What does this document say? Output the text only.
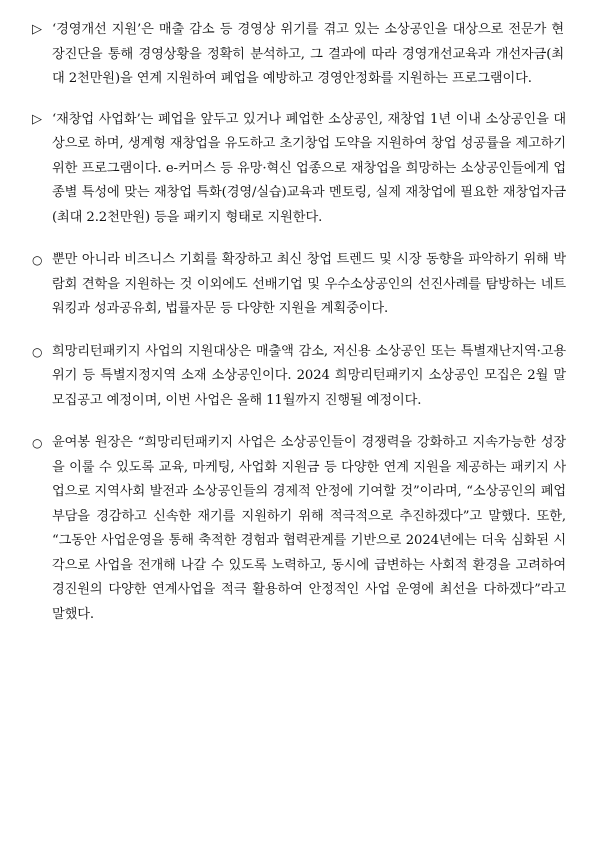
▷ ‘경영개선 지원’은 매출 감소 등 경영상 위기를 겪고 있는 소상공인을 대상으로 전문가 현장진단을 통해 경영상황을 정확히 분석하고, 그 결과에 따라 경영개선교육과 개선자금(최대 2천만원)을 연계 지원하여 폐업을 예방하고 경영안정화를 지원하는 프로그램이다.
▷ ‘재창업 사업화’는 폐업을 앞두고 있거나 폐업한 소상공인, 재창업 1년 이내 소상공인을 대상으로 하며, 생계형 재창업을 유도하고 초기창업 도약을 지원하여 창업 성공률을 제고하기 위한 프로그램이다. e-커머스 등 유망·혁신 업종으로 재창업을 희망하는 소상공인들에게 업종별 특성에 맞는 재창업 특화(경영/실습)교육과 멘토링, 실제 재창업에 필요한 재창업자금(최대 2.2천만원) 등을 패키지 형태로 지원한다.
○ 뿐만 아니라 비즈니스 기회를 확장하고 최신 창업 트렌드 및 시장 동향을 파악하기 위해 박람회 견학을 지원하는 것 이외에도 선배기업 및 우수소상공인의 선진사례를 탐방하는 네트워킹과 성과공유회, 법률자문 등 다양한 지원을 계획중이다.
○ 희망리턴패키지 사업의 지원대상은 매출액 감소, 저신용 소상공인 또는 특별재난지역·고용위기 등 특별지정지역 소재 소상공인이다. 2024 희망리턴패키지 소상공인 모집은 2월 말 모집공고 예정이며, 이번 사업은 올해 11월까지 진행될 예정이다.
○ 윤여봉 원장은 “희망리턴패키지 사업은 소상공인들이 경쟁력을 강화하고 지속가능한 성장을 이룰 수 있도록 교육, 마케팅, 사업화 지원금 등 다양한 연계 지원을 제공하는 패키지 사업으로 지역사회 발전과 소상공인들의 경제적 안정에 기여할 것”이라며, “소상공인의 폐업부담을 경감하고 신속한 재기를 지원하기 위해 적극적으로 추진하겠다”고 말했다. 또한, “그동안 사업운영을 통해 축적한 경험과 협력관계를 기반으로 2024년에는 더욱 심화된 시각으로 사업을 전개해 나갈 수 있도록 노력하고, 동시에 급변하는 사회적 환경을 고려하여 경진원의 다양한 연계사업을 적극 활용하여 안정적인 사업 운영에 최선을 다하겠다”라고 말했다.
